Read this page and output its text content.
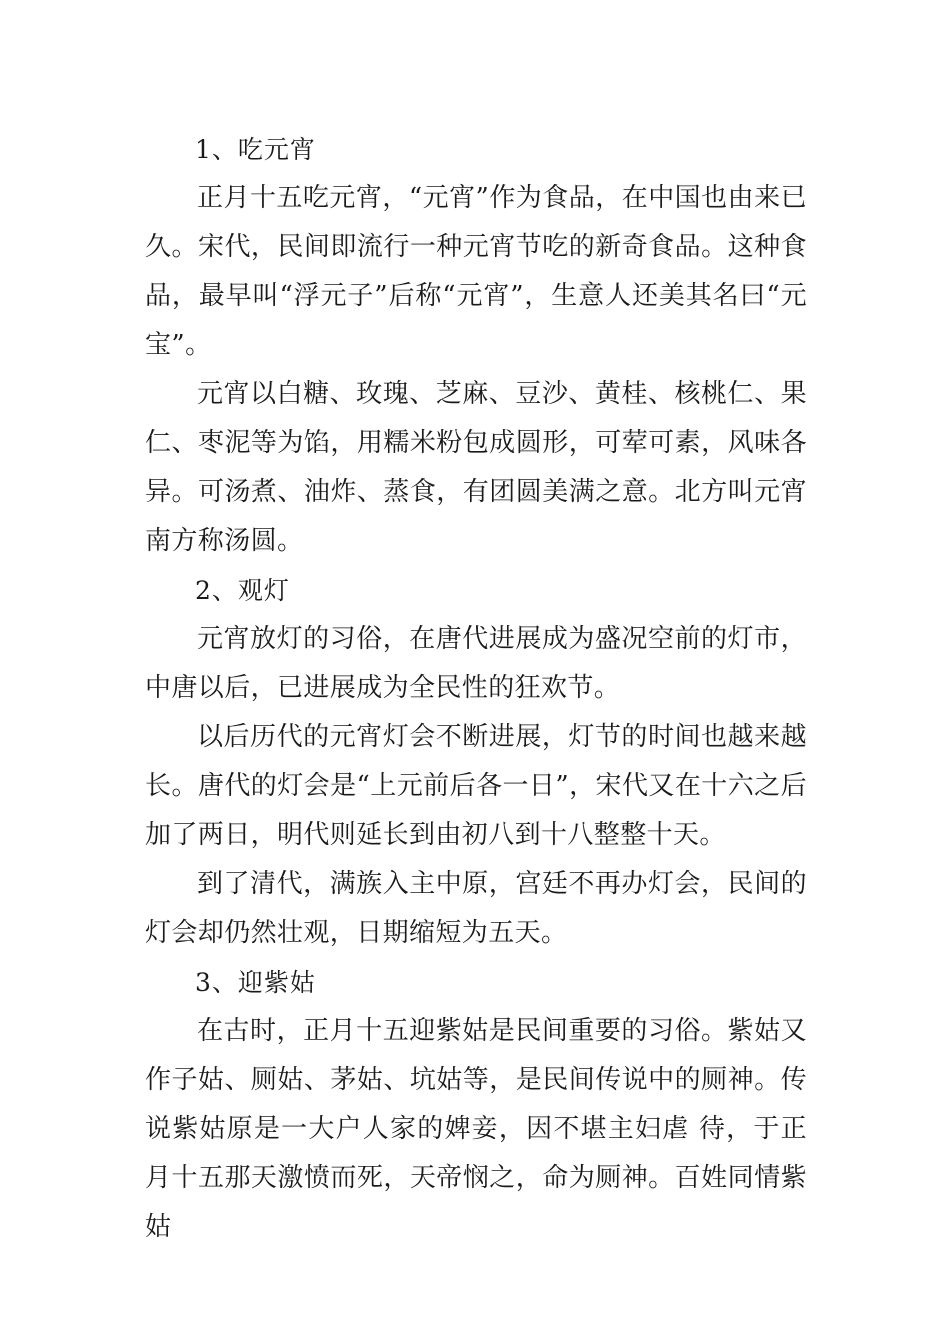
1、吃元宵

正月十五吃元宵，“元宵”作为食品，在中国也由来已久。宋代，民间即流行一种元宵节吃的新奇食品。这种食品，最早叫“浮元子”后称“元宵”，生意人还美其名曰“元 宝”。

元宵以白糖、玫瑰、芝麻、豆沙、黄桂、核桃仁、果仁、枣泥等为馅，用糯米粉包成圆形，可荤可素，风味各异。可汤煮、油炸、蒸食，有团圆美满之意。北方叫元宵南方称汤圆。

2、观灯

元宵放灯的习俗，在唐代进展成为盛况空前的灯市，中唐以后，已进展成为全民性的狂欢节。

以后历代的元宵灯会不断进展，灯节的时间也越来越长。唐代的灯会是“上元前后各一日”，宋代又在十六之后加了两日，明代则延长到由初八到十八整整十天。

到了清代，满族入主中原，宫廷不再办灯会，民间的灯会却仍然壮观，日期缩短为五天。

3、迎紫姑

在古时，正月十五迎紫姑是民间重要的习俗。紫姑又作子姑、厕姑、茅姑、坑姑等，是民间传说中的厕神。传说紫姑原是一大户人家的婢妾，因不堪主妇虐 待，于正月十五那天激愤而死，天帝悯之，命为厕神。百姓同情紫姑
